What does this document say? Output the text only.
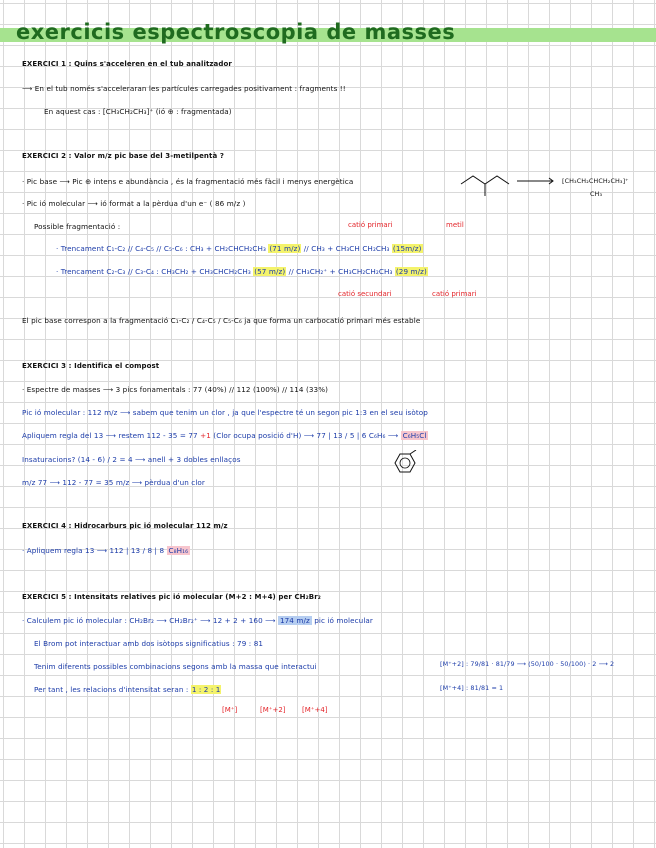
exercicis espectroscopia de masses
EXERCICI 1 : Quins s'acceleren en el tub analitzador
⟶ En el tub només s'acceleraran les partícules carregades positivament : fragments !!
En aquest cas : [CH₃CH₂CH₃]⁺ (ió ⊕ : fragmentada)
EXERCICI 2 : Valor m/z pic base del 3-metilpentà ?
· Pic base ⟶ Pic ⊕ intens e abundància , és la fragmentació més fàcil i menys energètica
· Pic ió molecular ⟶ ió format a la pèrdua d'un e⁻ ( 86 m/z )
[CH₃CH₂CHCH₂CH₃]⁺
CH₃
Possible fragmentació :	catió primari	metil
· Trencament C₁-C₂ // C₄-C₅ // C₅-C₆ : CH₃ + CH₂CHCH₂CH₃ (71 m/z) // CH₃ + CH₃CH CH₂CH₃ (15m/z)
· Trencament C₂-C₃ // C₃-C₄ : CH₃CH₂ + CH₃CHCH₂CH₃ (57 m/z) // CH₃CH₂⁺ + CH₃CH₂CH₂CH₃ (29 m/z)
catió secundari	catió primari
El pic base correspon a la fragmentació C₁-C₂ / C₄-C₅ / C₅-C₆ ja que forma un carbocatió primari més estable
EXERCICI 3 : Identifica el compost
· Espectre de masses ⟶ 3 pics fonamentals : 77 (40%) // 112 (100%) // 114 (33%)
Pic ió molecular : 112 m/z ⟶ sabem que tenim un clor , ja que l'espectre té un segon pic 1:3 en el seu isòtop
Apliquem regla del 13 ⟶ restem 112 - 35 = 77 +1 (Clor ocupa posició d'H) ⟶ 77 | 13 / 5 | 6 C₆H₆ ⟶ C₆H₅Cl
Insaturacions? (14 - 6) / 2 = 4 ⟶ anell + 3 dobles enllaços
m/z 77 ⟶ 112 - 77 = 35 m/z ⟶ pèrdua d'un clor
EXERCICI 4 : Hidrocarburs pic ió molecular 112 m/z
· Apliquem regla 13 ⟶ 112 | 13 / 8 | 8 C₈H₁₆
EXERCICI 5 : Intensitats relatives pic ió molecular (M+2 : M+4) per CH₂Br₂
· Calculem pic ió molecular : CH₂Br₂ ⟶ CH₂Br₂⁺ ⟶ 12 + 2 + 160 ⟶ 174 m/z pic ió molecular
El Brom pot interactuar amb dos isòtops significatius : 79 : 81
Tenim diferents possibles combinacions segons amb la massa que interactui
Per tant , les relacions d'intensitat seran : 1 : 2 : 1
[M⁺+2] : 79/81 · 81/79 ⟶ (50/100 · 50/100) · 2 ⟶ 2
[M⁺+4] : 81/81 = 1
[M⁺]	[M⁺+2] [M⁺+4]
